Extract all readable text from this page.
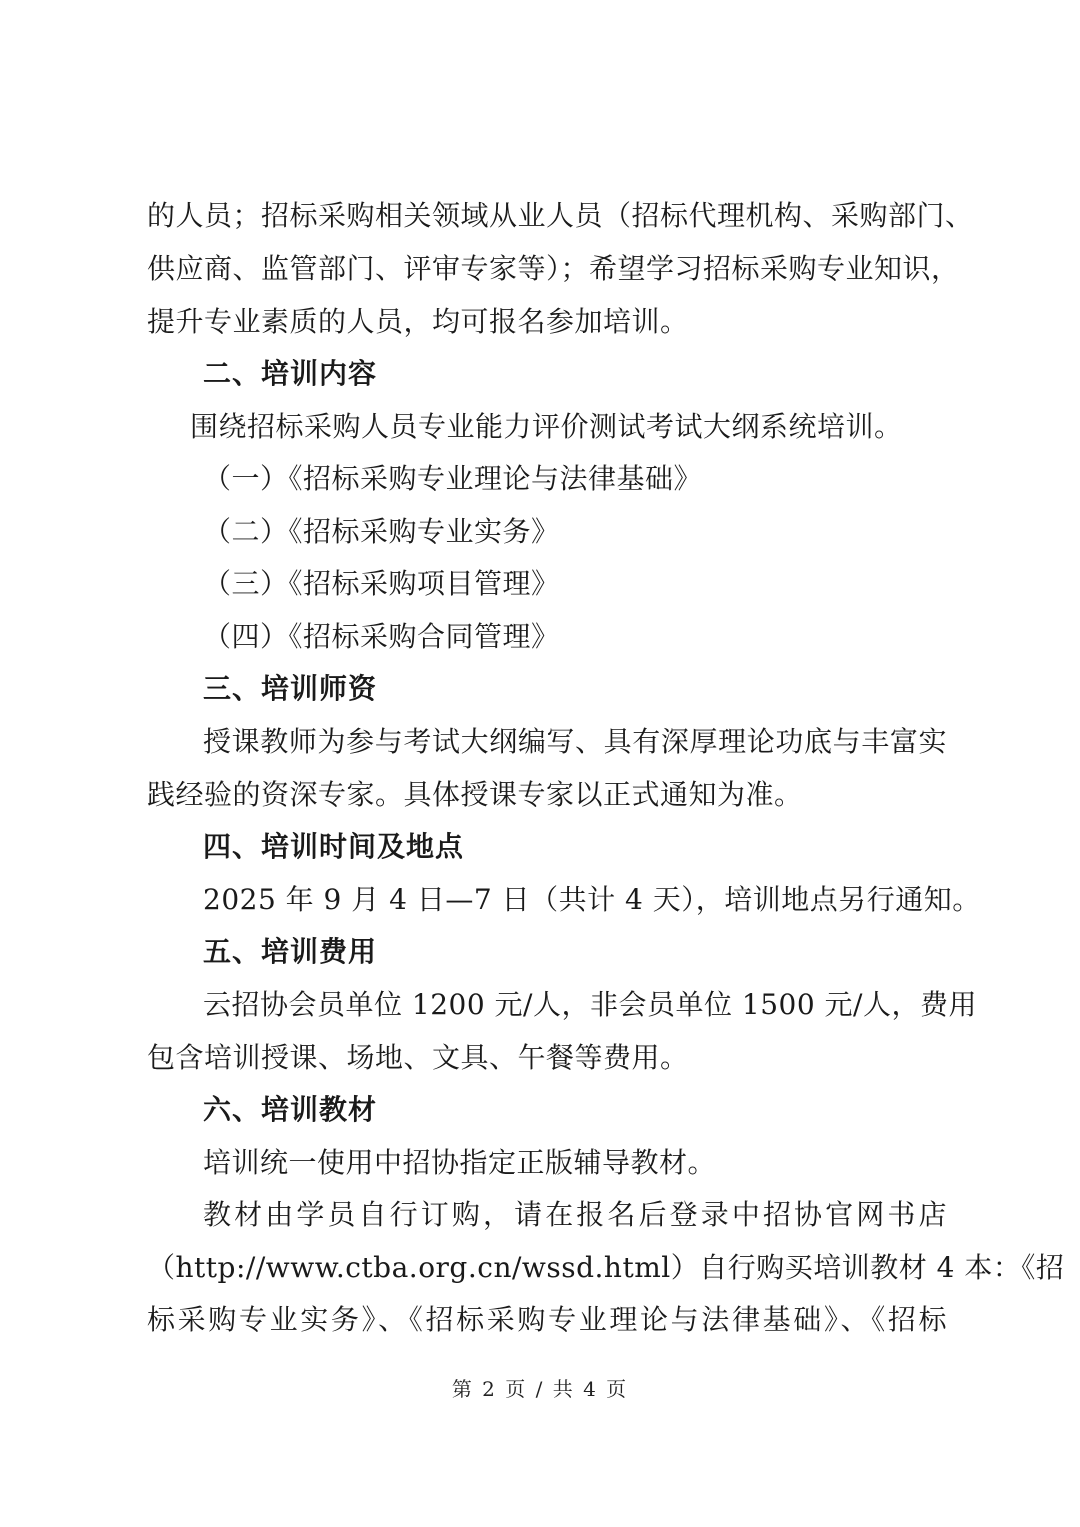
的人员；招标采购相关领域从业人员（招标代理机构、采购部门、
供应商、监管部门、评审专家等）；希望学习招标采购专业知识，
提升专业素质的人员，均可报名参加培训。
二、培训内容
围绕招标采购人员专业能力评价测试考试大纲系统培训。
（一）《招标采购专业理论与法律基础》
（二）《招标采购专业实务》
（三）《招标采购项目管理》
（四）《招标采购合同管理》
三、培训师资
授课教师为参与考试大纲编写、具有深厚理论功底与丰富实
践经验的资深专家。具体授课专家以正式通知为准。
四、培训时间及地点
2025 年 9 月 4 日—7 日（共计 4 天），培训地点另行通知。
五、培训费用
云招协会员单位 1200 元/人，非会员单位 1500 元/人，费用
包含培训授课、场地、文具、午餐等费用。
六、培训教材
培训统一使用中招协指定正版辅导教材。
教材由学员自行订购，请在报名后登录中招协官网书店
（http://www.ctba.org.cn/wssd.html）自行购买培训教材 4 本：《招
标采购专业实务》、《招标采购专业理论与法律基础》、《招标
第 2 页 / 共 4 页
